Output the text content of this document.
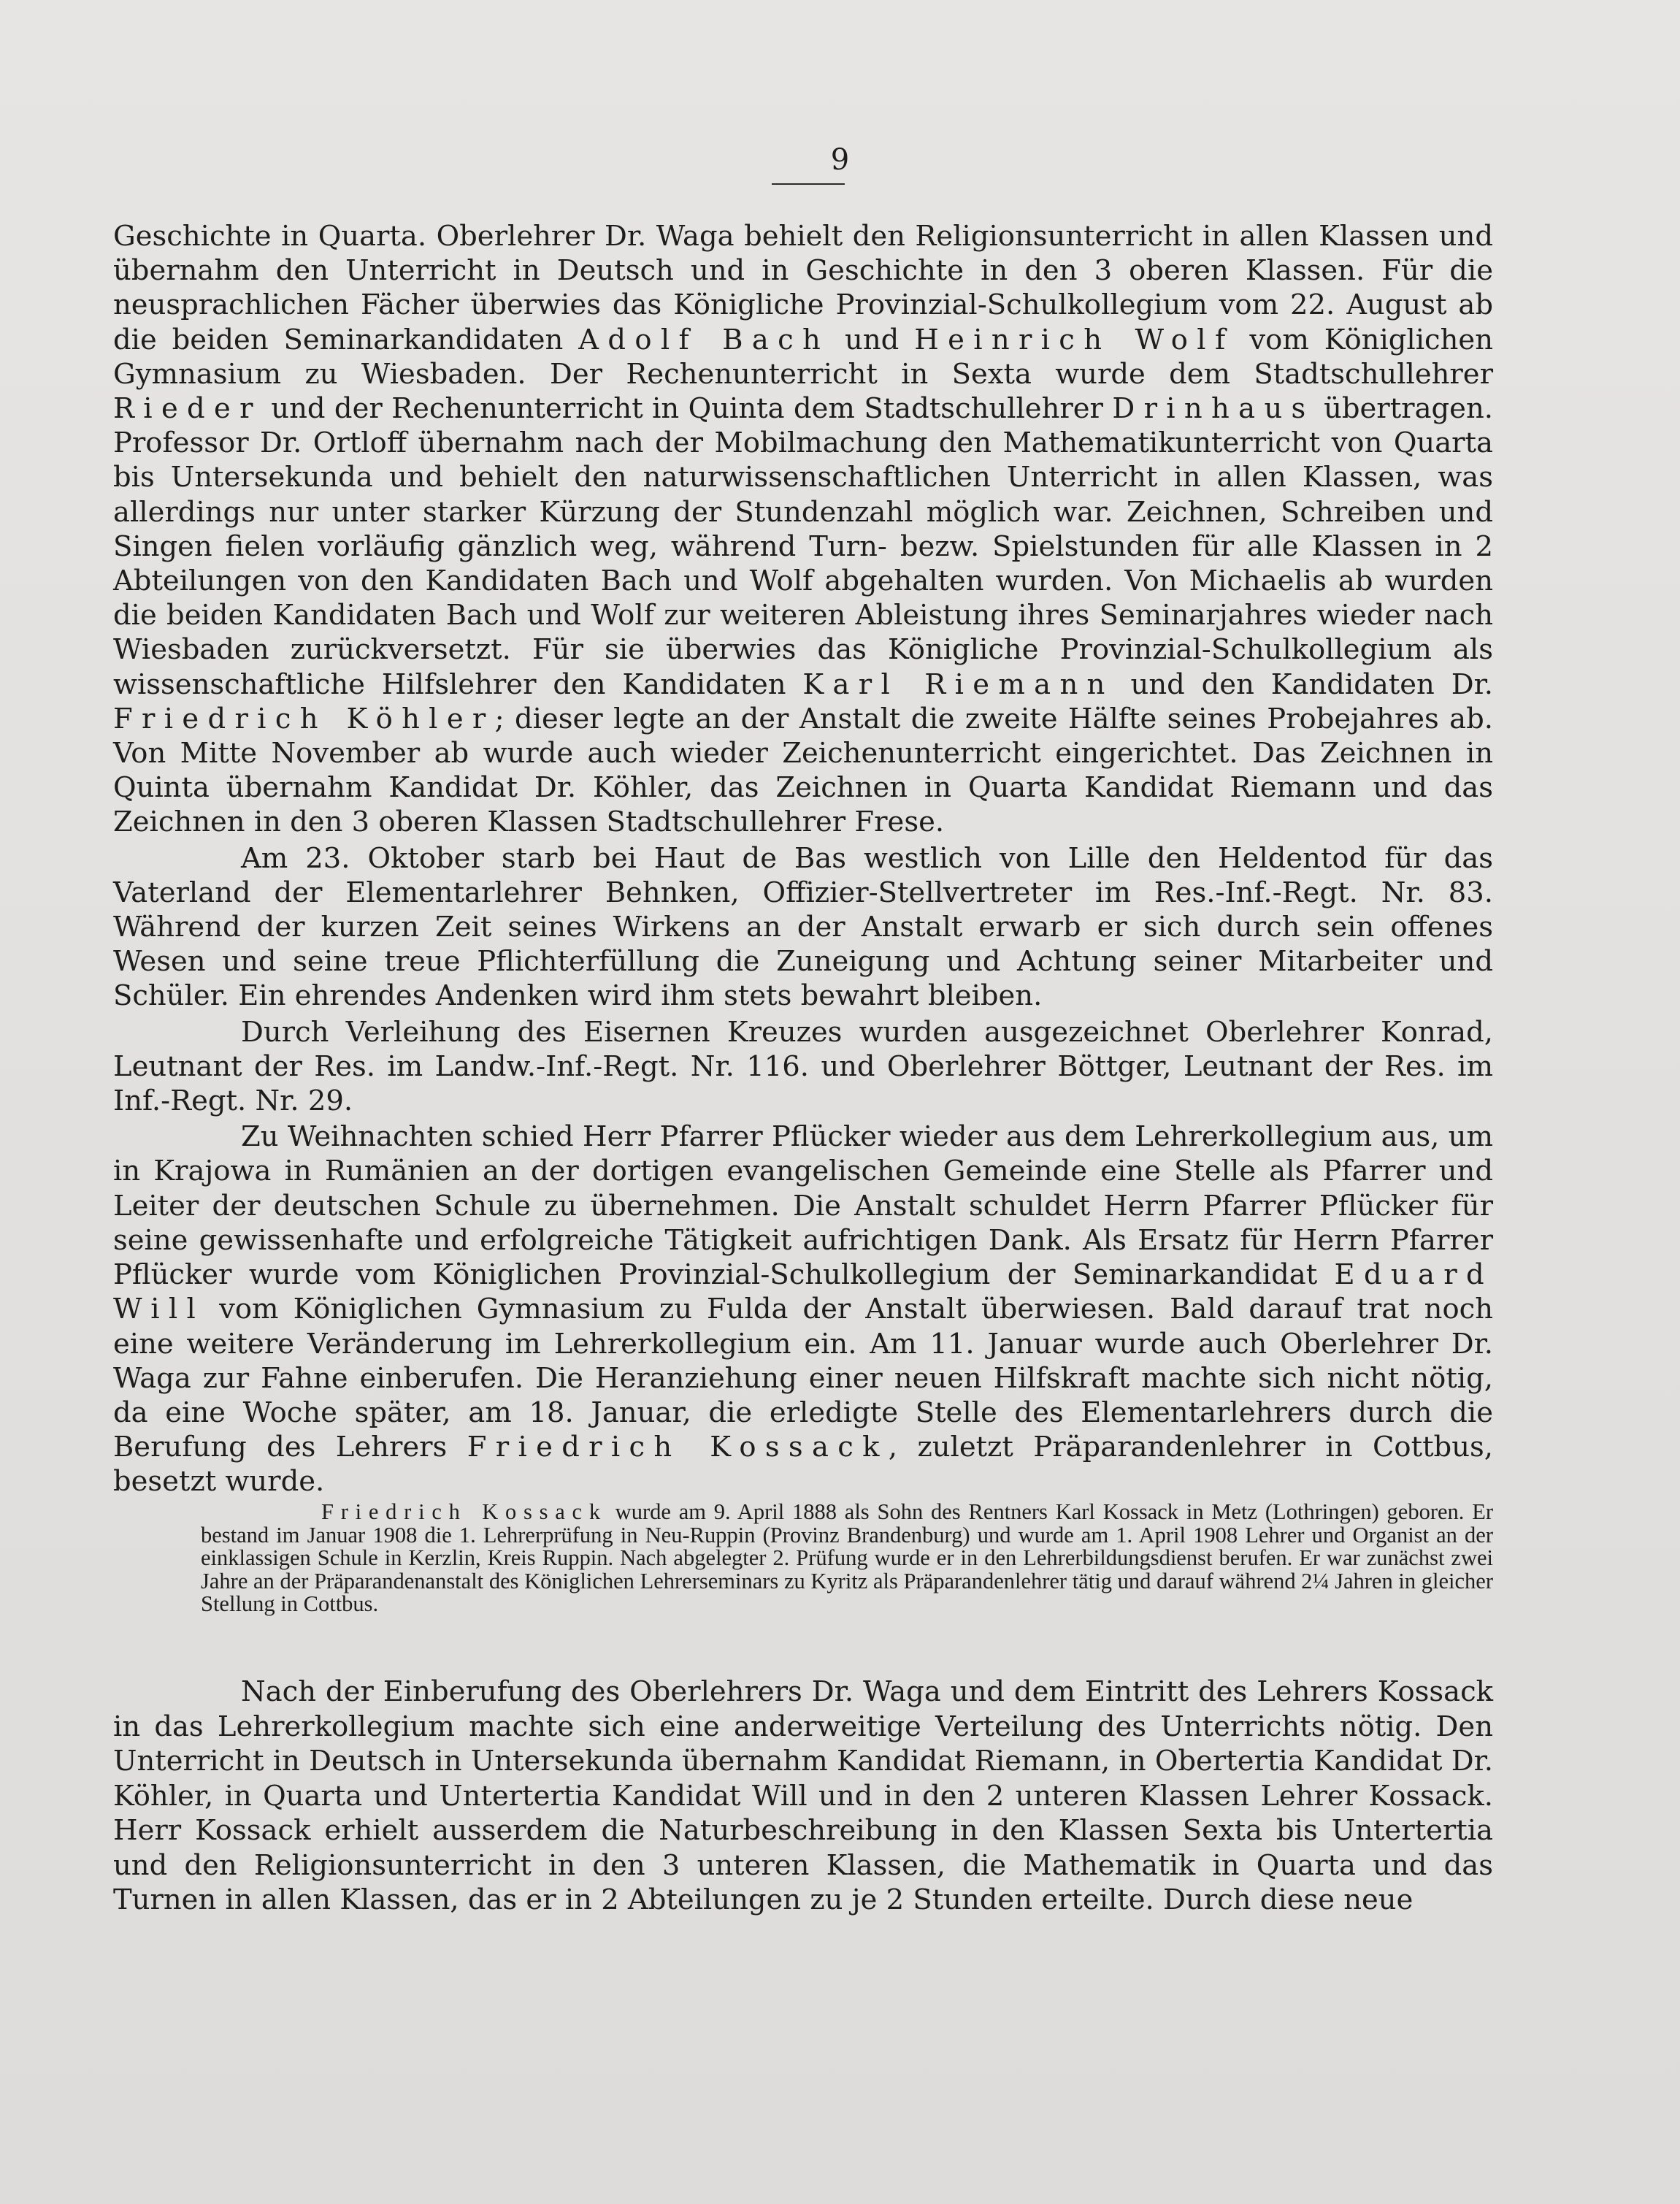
9

Geschichte in Quarta. Oberlehrer Dr. Waga behielt den Religionsunterricht in allen Klassen und übernahm den Unterricht in Deutsch und in Geschichte in den 3 oberen Klassen. Für die neusprachlichen Fächer überwies das Königliche Provinzial-Schulkollegium vom 22. August ab die beiden Seminarkandidaten Adolf Bach und Heinrich Wolf vom Königlichen Gymnasium zu Wiesbaden. Der Rechenunterricht in Sexta wurde dem Stadtschullehrer Rieder und der Rechenunterricht in Quinta dem Stadtschullehrer Drinhaus übertragen. Professor Dr. Ortloff übernahm nach der Mobilmachung den Mathematikunterricht von Quarta bis Untersekunda und behielt den naturwissenschaftlichen Unterricht in allen Klassen, was allerdings nur unter starker Kürzung der Stundenzahl möglich war. Zeichnen, Schreiben und Singen fielen vorläufig gänzlich weg, während Turn- bezw. Spielstunden für alle Klassen in 2 Abteilungen von den Kandidaten Bach und Wolf abgehalten wurden. Von Michaelis ab wurden die beiden Kandidaten Bach und Wolf zur weiteren Ableistung ihres Seminarjahres wieder nach Wiesbaden zurückversetzt. Für sie überwies das Königliche Provinzial-Schulkollegium als wissenschaftliche Hilfslehrer den Kandidaten Karl Riemann und den Kandidaten Dr. Friedrich Köhler; dieser legte an der Anstalt die zweite Hälfte seines Probejahres ab. Von Mitte November ab wurde auch wieder Zeichenunterricht eingerichtet. Das Zeichnen in Quinta übernahm Kandidat Dr. Köhler, das Zeichnen in Quarta Kandidat Riemann und das Zeichnen in den 3 oberen Klassen Stadtschullehrer Frese.

Am 23. Oktober starb bei Haut de Bas westlich von Lille den Heldentod für das Vaterland der Elementarlehrer Behnken, Offizier-Stellvertreter im Res.-Inf.-Regt. Nr. 83. Während der kurzen Zeit seines Wirkens an der Anstalt erwarb er sich durch sein offenes Wesen und seine treue Pflichterfüllung die Zuneigung und Achtung seiner Mitarbeiter und Schüler. Ein ehrendes Andenken wird ihm stets bewahrt bleiben.

Durch Verleihung des Eisernen Kreuzes wurden ausgezeichnet Oberlehrer Konrad, Leutnant der Res. im Landw.-Inf.-Regt. Nr. 116. und Oberlehrer Böttger, Leutnant der Res. im Inf.-Regt. Nr. 29.

Zu Weihnachten schied Herr Pfarrer Pflücker wieder aus dem Lehrerkollegium aus, um in Krajowa in Rumänien an der dortigen evangelischen Gemeinde eine Stelle als Pfarrer und Leiter der deutschen Schule zu übernehmen. Die Anstalt schuldet Herrn Pfarrer Pflücker für seine gewissenhafte und erfolgreiche Tätigkeit aufrichtigen Dank. Als Ersatz für Herrn Pfarrer Pflücker wurde vom Königlichen Provinzial-Schulkollegium der Seminarkandidat Eduard Will vom Königlichen Gymnasium zu Fulda der Anstalt überwiesen. Bald darauf trat noch eine weitere Veränderung im Lehrerkollegium ein. Am 11. Januar wurde auch Oberlehrer Dr. Waga zur Fahne einberufen. Die Heranziehung einer neuen Hilfskraft machte sich nicht nötig, da eine Woche später, am 18. Januar, die erledigte Stelle des Elementarlehrers durch die Berufung des Lehrers Friedrich Kossack, zuletzt Präparandenlehrer in Cottbus, besetzt wurde.

Friedrich Kossack wurde am 9. April 1888 als Sohn des Rentners Karl Kossack in Metz (Lothringen) geboren. Er bestand im Januar 1908 die 1. Lehrerprüfung in Neu-Ruppin (Provinz Brandenburg) und wurde am 1. April 1908 Lehrer und Organist an der einklassigen Schule in Kerzlin, Kreis Ruppin. Nach abgelegter 2. Prüfung wurde er in den Lehrerbildungsdienst berufen. Er war zunächst zwei Jahre an der Präparandenanstalt des Königlichen Lehrerseminars zu Kyritz als Präparandenlehrer tätig und darauf während 2¼ Jahren in gleicher Stellung in Cottbus.

Nach der Einberufung des Oberlehrers Dr. Waga und dem Eintritt des Lehrers Kossack in das Lehrerkollegium machte sich eine anderweitige Verteilung des Unterrichts nötig. Den Unterricht in Deutsch in Untersekunda übernahm Kandidat Riemann, in Obertertia Kandidat Dr. Köhler, in Quarta und Untertertia Kandidat Will und in den 2 unteren Klassen Lehrer Kossack. Herr Kossack erhielt ausserdem die Naturbeschreibung in den Klassen Sexta bis Untertertia und den Religionsunterricht in den 3 unteren Klassen, die Mathematik in Quarta und das Turnen in allen Klassen, das er in 2 Abteilungen zu je 2 Stunden erteilte. Durch diese neue
